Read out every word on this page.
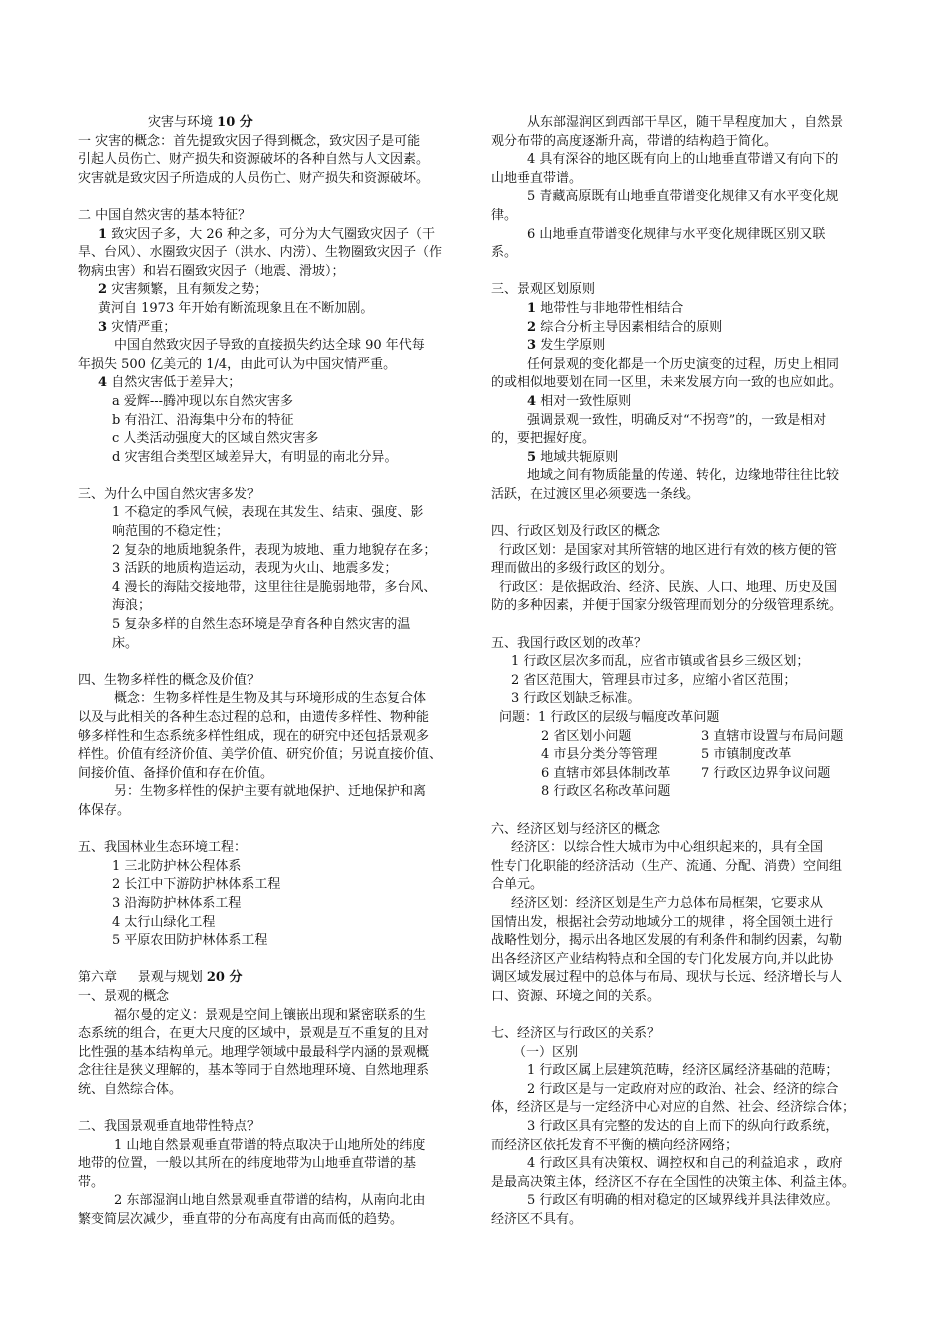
灾害与环境 10 分
一 灾害的概念：首先提致灾因子得到概念，致灾因子是可能
引起人员伤亡、财产损失和资源破坏的各种自然与人文因素。
灾害就是致灾因子所造成的人员伤亡、财产损失和资源破坏。
二 中国自然灾害的基本特征？
1 致灾因子多，大 26 种之多，可分为大气圈致灾因子（干
旱、台风）、水圈致灾因子（洪水、内涝）、生物圈致灾因子（作
物病虫害）和岩石圈致灾因子（地震、滑坡）；
2 灾害频繁，且有频发之势；
黄河自 1973 年开始有断流现象且在不断加剧。
3 灾情严重；
中国自然致灾因子导致的直接损失约达全球 90 年代每
年损失 500 亿美元的 1/4，由此可认为中国灾情严重。
4 自然灾害低于差异大；
a 爱辉---腾冲现以东自然灾害多
b 有沿江、沿海集中分布的特征
c 人类活动强度大的区域自然灾害多
d 灾害组合类型区域差异大，有明显的南北分异。
三、为什么中国自然灾害多发？
1 不稳定的季风气候，表现在其发生、结束、强度、影
响范围的不稳定性；
2 复杂的地质地貌条件，表现为坡地、重力地貌存在多；
3 活跃的地质构造运动，表现为火山、地震多发；
4 漫长的海陆交接地带，这里往往是脆弱地带，多台风、
海浪；
5 复杂多样的自然生态环境是孕育各种自然灾害的温
床。
四、生物多样性的概念及价值？
概念：生物多样性是生物及其与环境形成的生态复合体
以及与此相关的各种生态过程的总和，由遗传多样性、物种能
够多样性和生态系统多样性组成，现在的研究中还包括景观多
样性。价值有经济价值、美学价值、研究价值；另说直接价值、
间接价值、备择价值和存在价值。
另：生物多样性的保护主要有就地保护、迁地保护和离
体保存。
五、我国林业生态环境工程：
1 三北防护林公程体系
2 长江中下游防护林体系工程
3 沿海防护林体系工程
4 太行山绿化工程
5 平原农田防护林体系工程
第六章 景观与规划 20 分
一、景观的概念
福尔曼的定义：景观是空间上镶嵌出现和紧密联系的生
态系统的组合，在更大尺度的区域中，景观是互不重复的且对
比性强的基本结构单元。地理学领域中最最科学内涵的景观概
念往往是狭义理解的，基本等同于自然地理环境、自然地理系
统、自然综合体。
二、我国景观垂直地带性特点？
1 山地自然景观垂直带谱的特点取决于山地所处的纬度
地带的位置，一般以其所在的纬度地带为山地垂直带谱的基
带。
2 东部湿润山地自然景观垂直带谱的结构，从南向北由
繁变简层次减少，垂直带的分布高度有由高而低的趋势。
从东部湿润区到西部干旱区，随干旱程度加大 ，自然景
观分布带的高度逐渐升高，带谱的结构趋于简化。
4 具有深谷的地区既有向上的山地垂直带谱又有向下的
山地垂直带谱。
5 青藏高原既有山地垂直带谱变化规律又有水平变化规
律。
6 山地垂直带谱变化规律与水平变化规律既区别又联
系。
三、景观区划原则
1 地带性与非地带性相结合
2 综合分析主导因素相结合的原则
3 发生学原则
任何景观的变化都是一个历史演变的过程，历史上相同
的或相似地要划在同一区里，未来发展方向一致的也应如此。
4 相对一致性原则
强调景观一致性，明确反对“不拐弯”的，一致是相对
的，要把握好度。
5 地域共轭原则
地域之间有物质能量的传递、转化，边缘地带往往比较
活跃，在过渡区里必须要选一条线。
四、行政区划及行政区的概念
行政区划：是国家对其所管辖的地区进行有效的核方便的管
理而做出的多级行政区的划分。
行政区：是依据政治、经济、民族、人口、地理、历史及国
防的多种因素，并便于国家分级管理而划分的分级管理系统。
五、我国行政区划的改革？
1 行政区层次多而乱，应省市镇或省县乡三级区划；
2 省区范围大，管理县市过多，应缩小省区范围；
3 行政区划缺乏标准。
问题：1 行政区的层级与幅度改革问题
2 省区划小问题	3 直辖市设置与布局问题
4 市县分类分等管理	5 市镇制度改革
6 直辖市郊县体制改革	7 行政区边界争议问题
8 行政区名称改革问题
六、经济区划与经济区的概念
经济区：以综合性大城市为中心组织起来的，具有全国
性专门化职能的经济活动（生产、流通、分配、消费）空间组
合单元。
经济区划：经济区划是生产力总体布局框架，它要求从
国情出发，根据社会劳动地域分工的规律 ，将全国领土进行
战略性划分，揭示出各地区发展的有利条件和制约因素，勾勒
出各经济区产业结构特点和全国的专门化发展方向,并以此协
调区域发展过程中的总体与布局、现状与长远、经济增长与人
口、资源、环境之间的关系。
七、经济区与行政区的关系？
（一）区别
1 行政区属上层建筑范畴，经济区属经济基础的范畴；
2 行政区是与一定政府对应的政治、社会、经济的综合
体，经济区是与一定经济中心对应的自然、社会、经济综合体；
3 行政区具有完整的发达的自上而下的纵向行政系统，
而经济区依托发育不平衡的横向经济网络；
4 行政区具有决策权、调控权和自己的利益追求 ，政府
是最高决策主体，经济区不存在全国性的决策主体、利益主体。
5 行政区有明确的相对稳定的区域界线并具法律效应。
经济区不具有。
